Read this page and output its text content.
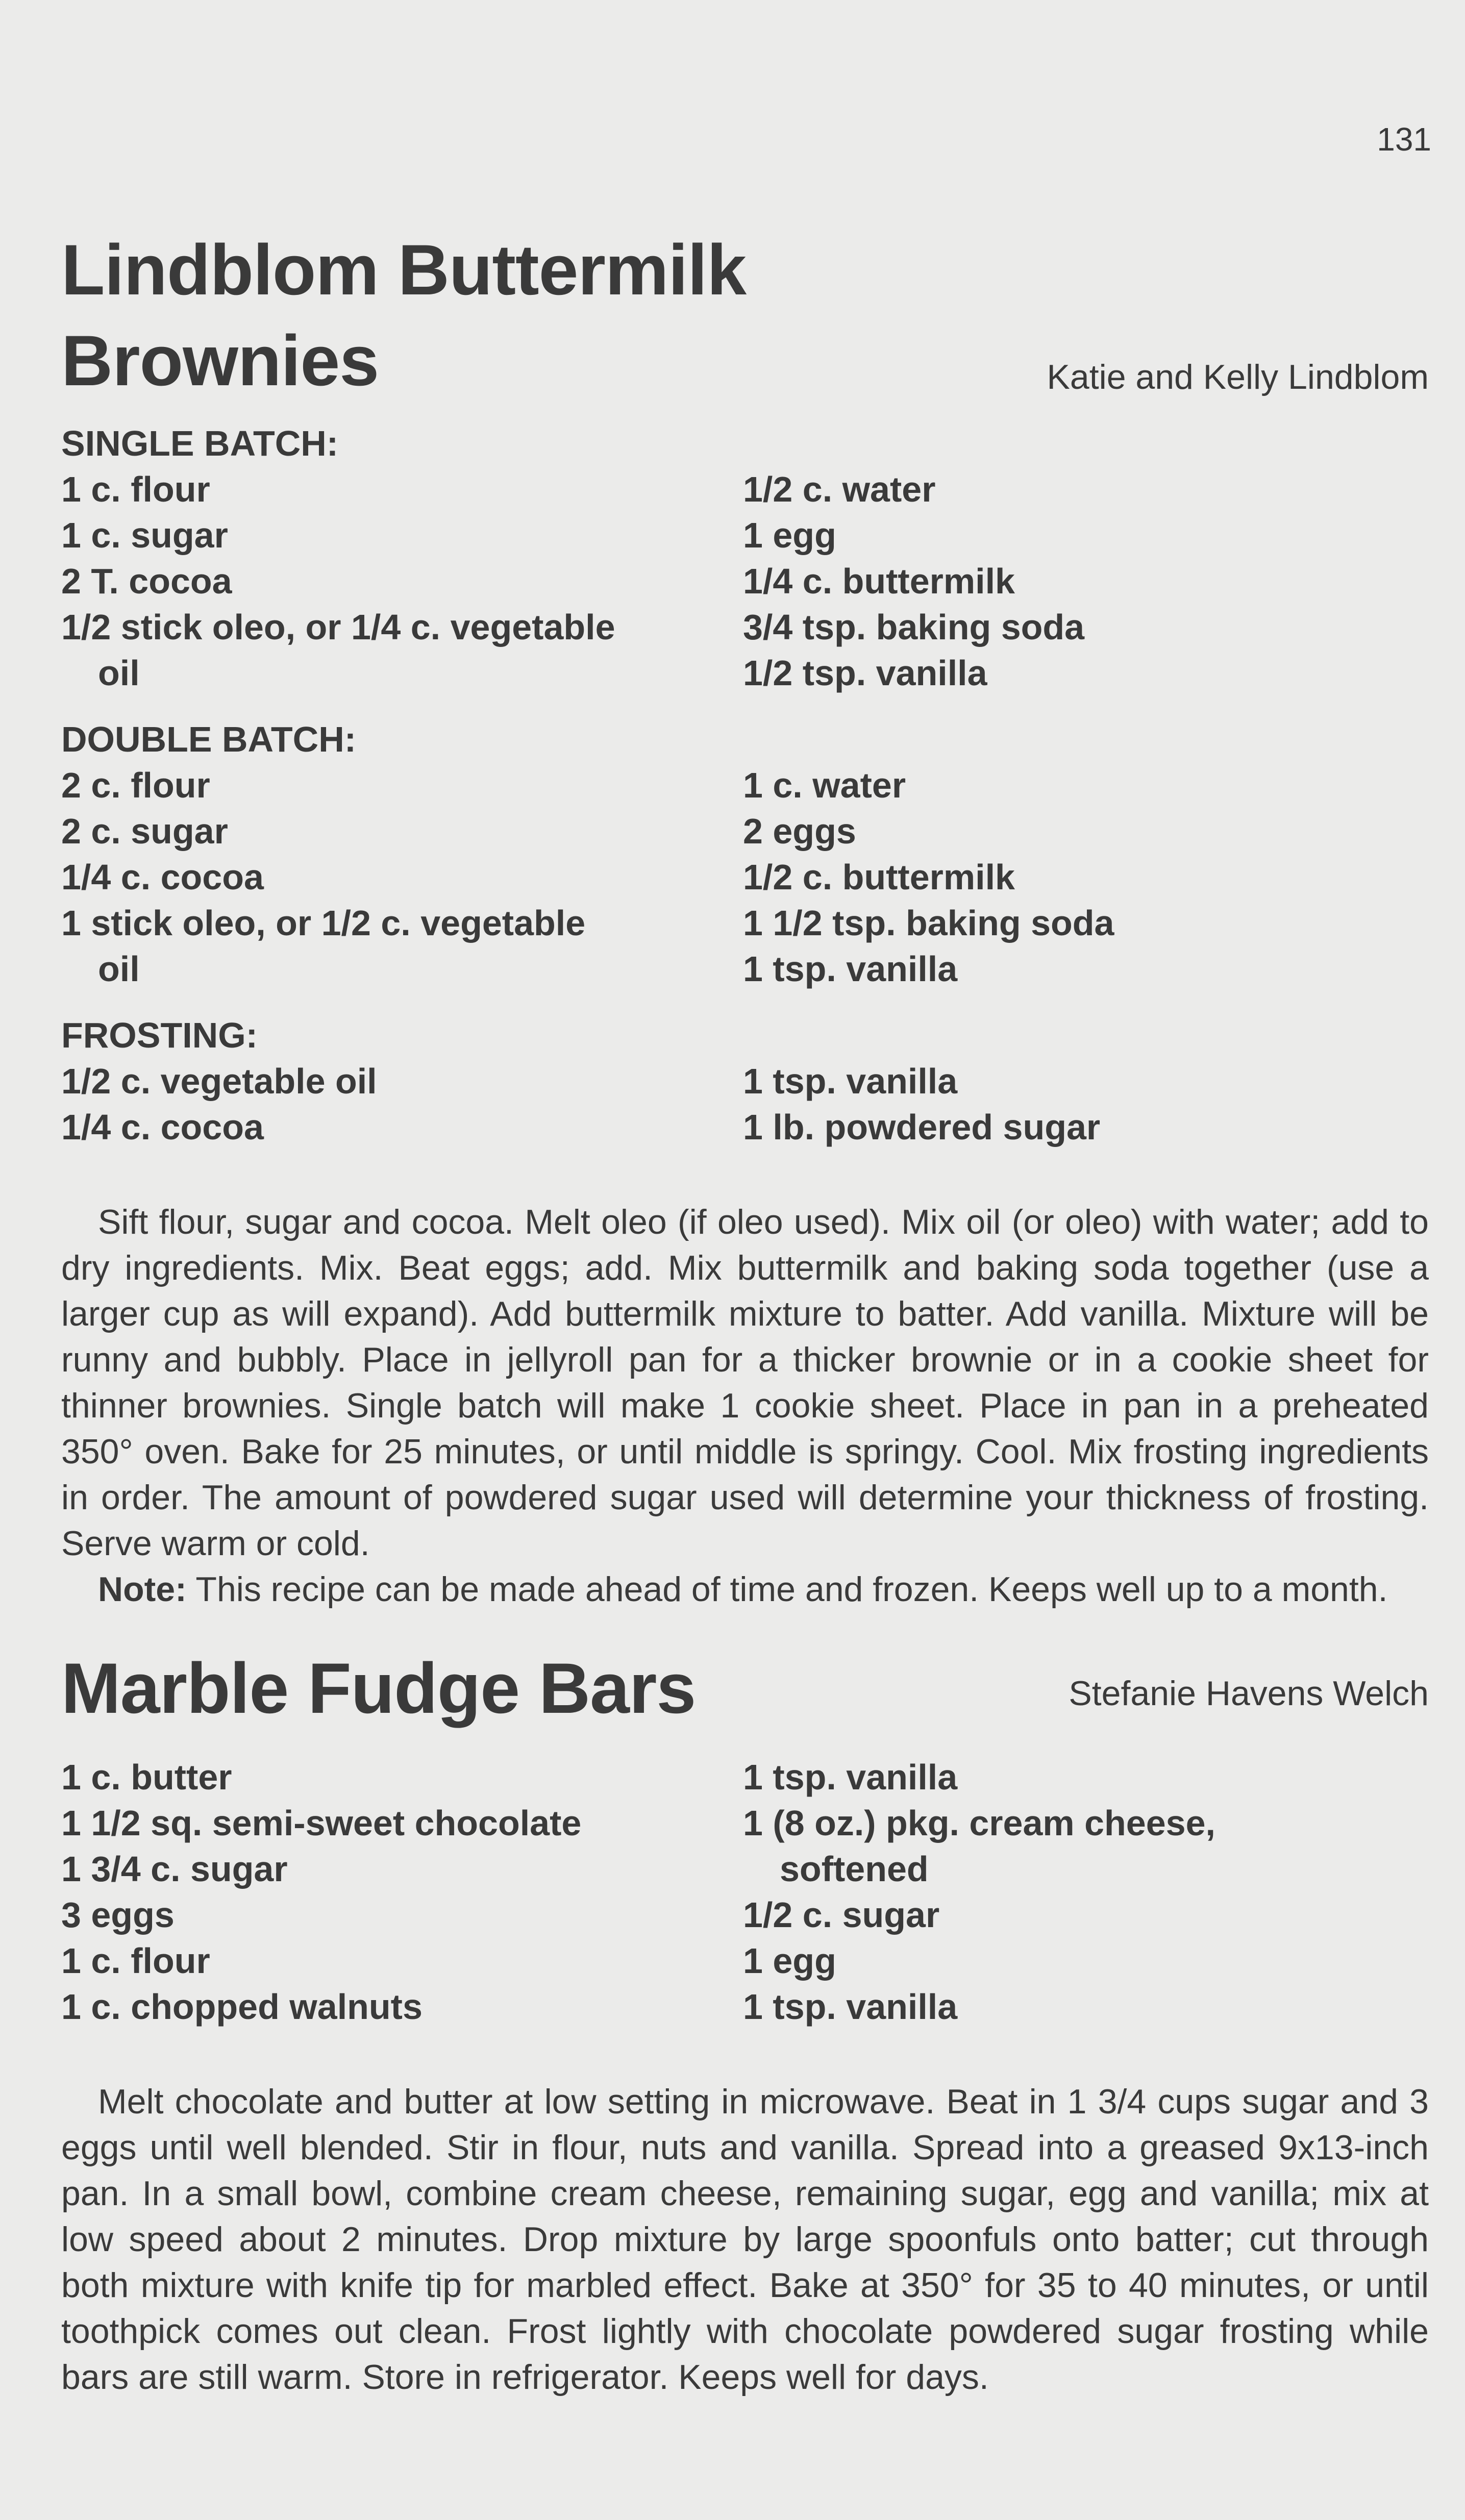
131
Lindblom Buttermilk
Brownies	Katie and Kelly Lindblom

SINGLE BATCH:

1 c. flour

1 c. sugar

2 T. cocoa

1/2 stick oleo, or 1/4 c. vegetable

oil

1/2 c. water

1 egg

1/4 c. buttermilk

3/4 tsp. baking soda

1/2 tsp. vanilla

DOUBLE BATCH:

2 c. flour

2 c. sugar

1/4 c. cocoa

1 stick oleo, or 1/2 c. vegetable

oil

1 c. water

2 eggs

1/2 c. buttermilk

1 1/2 tsp. baking soda

1 tsp. vanilla

FROSTING:

1/2 c. vegetable oil

1/4 c. cocoa

1 tsp. vanilla

1 lb. powdered sugar

Sift flour, sugar and cocoa. Melt oleo (if oleo used). Mix oil (or oleo) with water; add to dry ingredients. Mix. Beat eggs; add. Mix buttermilk and baking soda together (use a larger cup as will expand). Add buttermilk mixture to batter. Add vanilla. Mixture will be runny and bubbly. Place in jellyroll pan for a thicker brownie or in a cookie sheet for thinner brownies. Single batch will make 1 cookie sheet. Place in pan in a preheated 350° oven. Bake for 25 minutes, or until middle is springy. Cool. Mix frosting ingredients in order. The amount of powdered sugar used will determine your thickness of frosting. Serve warm or cold.

Note: This recipe can be made ahead of time and frozen. Keeps well up to a month.

Marble Fudge Bars	Stefanie Havens Welch

1 c. butter

1 1/2 sq. semi-sweet chocolate

1 3/4 c. sugar

3 eggs

1 c. flour

1 c. chopped walnuts

1 tsp. vanilla

1 (8 oz.) pkg. cream cheese,

softened

1/2 c. sugar

1 egg

1 tsp. vanilla

Melt chocolate and butter at low setting in microwave. Beat in 1 3/4 cups sugar and 3 eggs until well blended. Stir in flour, nuts and vanilla. Spread into a greased 9x13-inch pan. In a small bowl, combine cream cheese, remaining sugar, egg and vanilla; mix at low speed about 2 minutes. Drop mixture by large spoonfuls onto batter; cut through both mixture with knife tip for marbled effect. Bake at 350° for 35 to 40 minutes, or until toothpick comes out clean. Frost lightly with chocolate powdered sugar frosting while bars are still warm. Store in refrigerator. Keeps well for days.
